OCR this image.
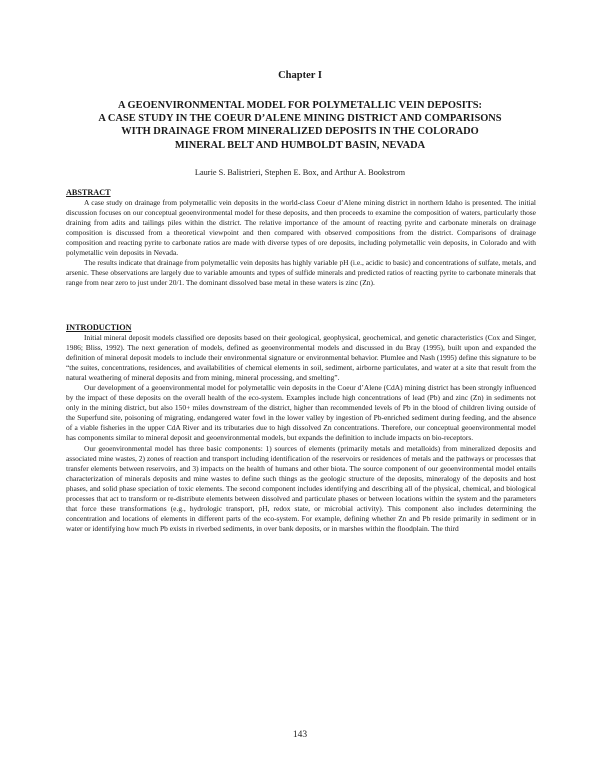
Chapter I

A GEOENVIRONMENTAL MODEL FOR POLYMETALLIC VEIN DEPOSITS:
A CASE STUDY IN THE COEUR D’ALENE MINING DISTRICT AND COMPARISONS
WITH DRAINAGE FROM MINERALIZED DEPOSITS IN THE COLORADO
MINERAL BELT AND HUMBOLDT BASIN, NEVADA

Laurie S. Balistrieri, Stephen E. Box, and Arthur A. Bookstrom

ABSTRACT

A case study on drainage from polymetallic vein deposits in the world-class Coeur d’Alene mining district in northern Idaho is presented. The initial discussion focuses on our conceptual geoenvironmental model for these deposits, and then proceeds to examine the composition of waters, particularly those draining from adits and tailings piles within the district. The relative importance of the amount of reacting pyrite and carbonate minerals on drainage composition is discussed from a theoretical viewpoint and then compared with observed compositions from the district. Comparisons of drainage composition and reacting pyrite to carbonate ratios are made with diverse types of ore deposits, including polymetallic vein deposits, in Colorado and with polymetallic vein deposits in Nevada.

The results indicate that drainage from polymetallic vein deposits has highly variable pH (i.e., acidic to basic) and concentrations of sulfate, metals, and arsenic. These observations are largely due to variable amounts and types of sulfide minerals and predicted ratios of reacting pyrite to carbonate minerals that range from near zero to just under 20/1. The dominant dissolved base metal in these waters is zinc (Zn).

INTRODUCTION

Initial mineral deposit models classified ore deposits based on their geological, geophysical, geochemical, and genetic characteristics (Cox and Singer, 1986; Bliss, 1992). The next generation of models, defined as geoenvironmental models and discussed in du Bray (1995), built upon and expanded the definition of mineral deposit models to include their environmental signature or environmental behavior. Plumlee and Nash (1995) define this signature to be “the suites, concentrations, residences, and availabilities of chemical elements in soil, sediment, airborne particulates, and water at a site that result from the natural weathering of mineral deposits and from mining, mineral processing, and smelting”.

Our development of a geoenvironmental model for polymetallic vein deposits in the Coeur d’Alene (CdA) mining district has been strongly influenced by the impact of these deposits on the overall health of the eco-system. Examples include high concentrations of lead (Pb) and zinc (Zn) in sediments not only in the mining district, but also 150+ miles downstream of the district, higher than recommended levels of Pb in the blood of children living outside of the Superfund site, poisoning of migrating, endangered water fowl in the lower valley by ingestion of Pb-enriched sediment during feeding, and the absence of a viable fisheries in the upper CdA River and its tributaries due to high dissolved Zn concentrations. Therefore, our conceptual geoenvironmental model has components similar to mineral deposit and geoenvironmental models, but expands the definition to include impacts on bio-receptors.

Our geoenvironmental model has three basic components: 1) sources of elements (primarily metals and metalloids) from mineralized deposits and associated mine wastes, 2) zones of reaction and transport including identification of the reservoirs or residences of metals and the pathways or processes that transfer elements between reservoirs, and 3) impacts on the health of humans and other biota. The source component of our geoenvironmental model entails characterization of minerals deposits and mine wastes to define such things as the geologic structure of the deposits, mineralogy of the deposits and host phases, and solid phase speciation of toxic elements. The second component includes identifying and describing all of the physical, chemical, and biological processes that act to transform or re-distribute elements between dissolved and particulate phases or between locations within the system and the parameters that force these transformations (e.g., hydrologic transport, pH, redox state, or microbial activity). This component also includes determining the concentration and locations of elements in different parts of the eco-system. For example, defining whether Zn and Pb reside primarily in sediment or in water or identifying how much Pb exists in riverbed sediments, in over bank deposits, or in marshes within the floodplain. The third

143
